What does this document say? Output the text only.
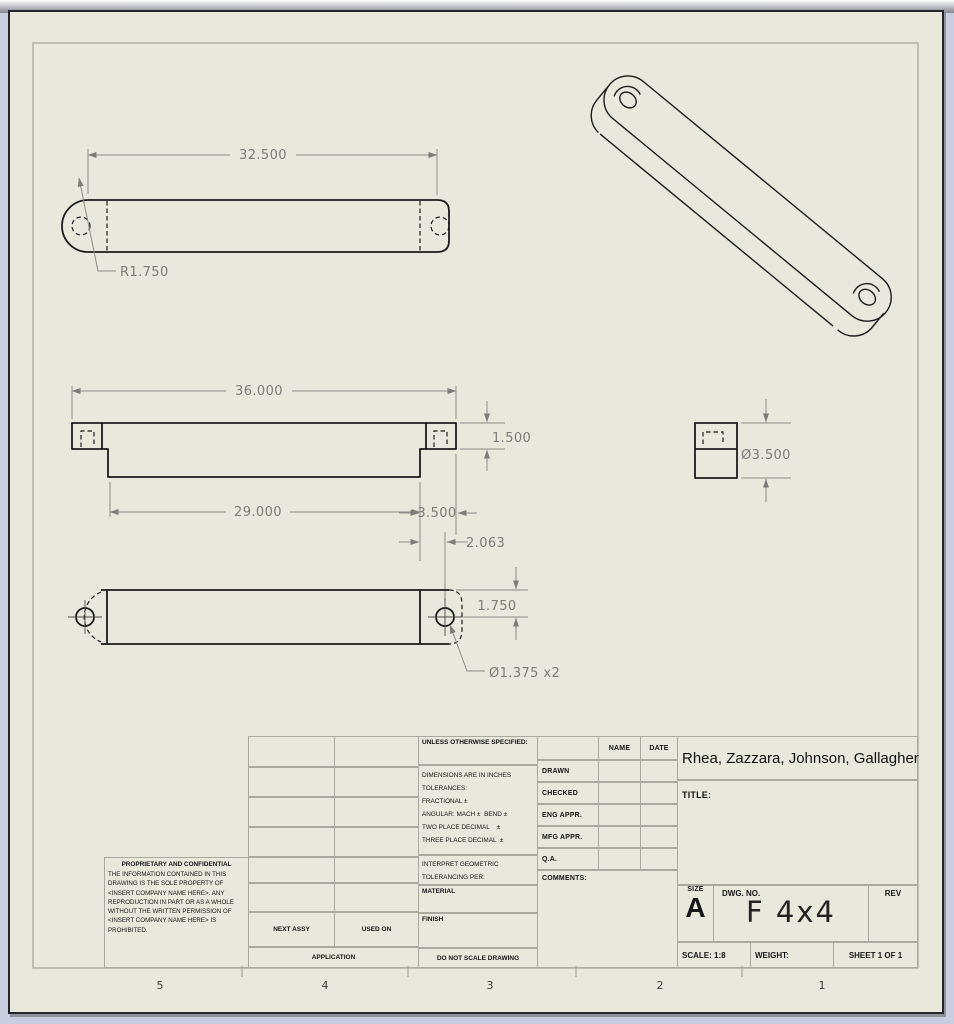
5	4	3	2	1
32.500
R1.750
36.000
1.500
29.000	3.500
2.063
Ø3.500
1.750
Ø1.375 x2
PROPRIETARY AND CONFIDENTIAL
THE INFORMATION CONTAINED IN THIS DRAWING IS THE SOLE PROPERTY OF <INSERT COMPANY NAME HERE>. ANY REPRODUCTION IN PART OR AS A WHOLE WITHOUT THE WRITTEN PERMISSION OF <INSERT COMPANY NAME HERE> IS PROHIBITED.	NEXT ASSY	USED ON
APPLICATION
UNLESS OTHERWISE SPECIFIED:
DIMENSIONS ARE IN INCHES
TOLERANCES:
FRACTIONAL ±
ANGULAR: MACH ±  BEND ±
TWO PLACE DECIMAL    ±
THREE PLACE DECIMAL  ±
INTERPRET GEOMETRIC
TOLERANCING PER:
MATERIAL
FINISH
DO NOT SCALE DRAWING
NAME	DATE
DRAWN
CHECKED
ENG APPR.
MFG APPR.
Q.A.
COMMENTS:
Rhea, Zazzara, Johnson, Gallagher
TITLE:
SIZE
A	DWG. NO.
F 4x4
REV
SCALE: 1:8	WEIGHT:	SHEET 1 OF 1
